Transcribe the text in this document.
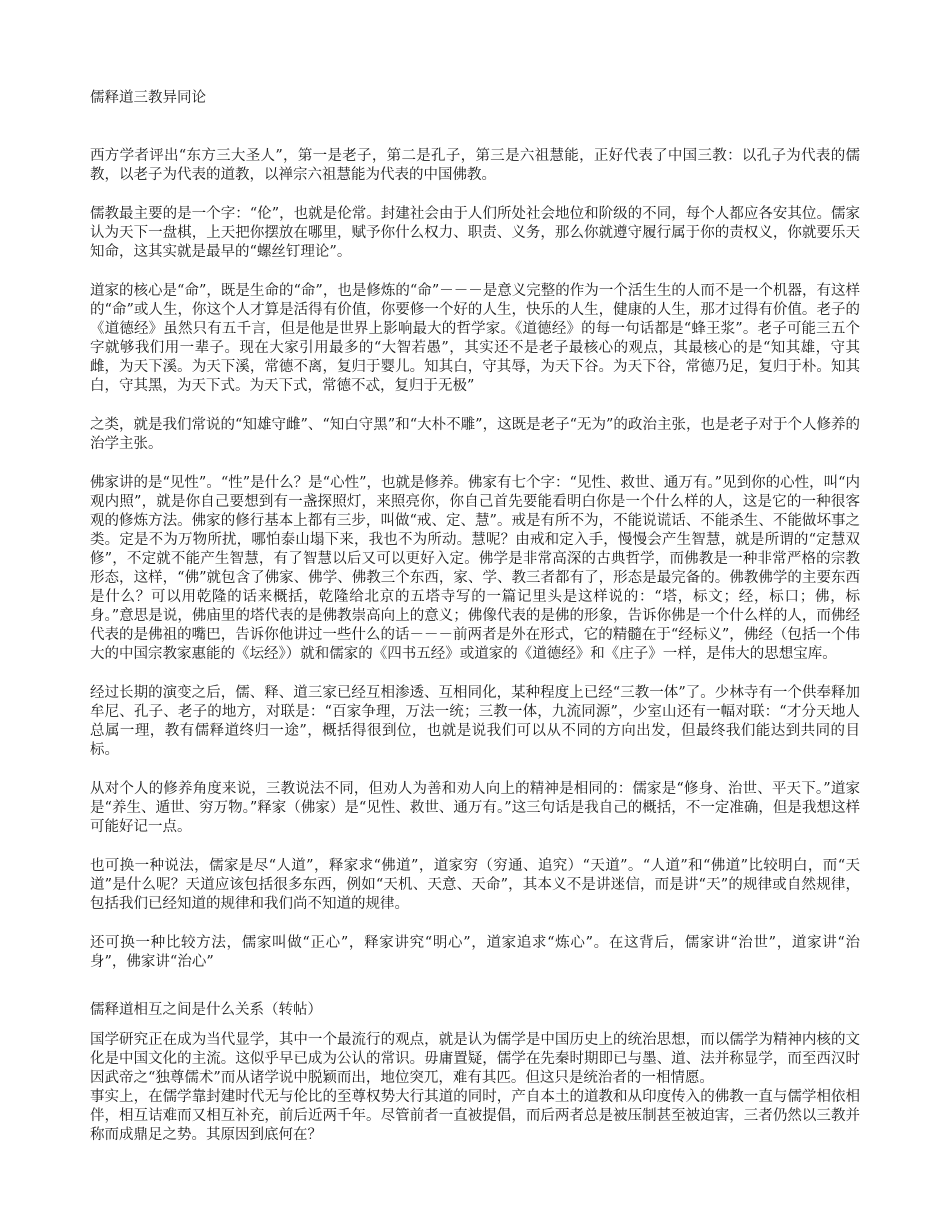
儒释道三教异同论

西方学者评出“东方三大圣人”，第一是老子，第二是孔子，第三是六祖慧能，正好代表了中国三教：以孔子为代表的儒教，以老子为代表的道教，以禅宗六祖慧能为代表的中国佛教。

儒教最主要的是一个字：“伦”，也就是伦常。封建社会由于人们所处社会地位和阶级的不同，每个人都应各安其位。儒家认为天下一盘棋，上天把你摆放在哪里，赋予你什么权力、职责、义务，那么你就遵守履行属于你的责权义，你就要乐天知命，这其实就是最早的“螺丝钉理论”。

道家的核心是“命”，既是生命的“命”，也是修炼的“命”－－－是意义完整的作为一个活生生的人而不是一个机器，有这样的“命”或人生，你这个人才算是活得有价值，你要修一个好的人生，快乐的人生，健康的人生，那才过得有价值。老子的《道德经》虽然只有五千言，但是他是世界上影响最大的哲学家。《道德经》的每一句话都是“蜂王浆”。老子可能三五个字就够我们用一辈子。现在大家引用最多的“大智若愚”，其实还不是老子最核心的观点，其最核心的是“知其雄，守其雌，为天下溪。为天下溪，常德不离，复归于婴儿。知其白，守其辱，为天下谷。为天下谷，常德乃足，复归于朴。知其白，守其黑，为天下式。为天下式，常德不忒，复归于无极”

之类，就是我们常说的“知雄守雌”、“知白守黑”和“大朴不雕”，这既是老子“无为”的政治主张，也是老子对于个人修养的治学主张。

佛家讲的是“见性”。“性”是什么？是“心性”，也就是修养。佛家有七个字：“见性、救世、通万有。”见到你的心性，叫“内观内照”，就是你自己要想到有一盏探照灯，来照亮你，你自己首先要能看明白你是一个什么样的人，这是它的一种很客观的修炼方法。佛家的修行基本上都有三步，叫做“戒、定、慧”。戒是有所不为，不能说谎话、不能杀生、不能做坏事之类。定是不为万物所扰，哪怕泰山塌下来，我也不为所动。慧呢？由戒和定入手，慢慢会产生智慧，就是所谓的“定慧双修”，不定就不能产生智慧，有了智慧以后又可以更好入定。佛学是非常高深的古典哲学，而佛教是一种非常严格的宗教形态，这样，“佛”就包含了佛家、佛学、佛教三个东西，家、学、教三者都有了，形态是最完备的。佛教佛学的主要东西是什么？可以用乾隆的话来概括，乾隆给北京的五塔寺写的一篇记里头是这样说的：“塔，标文；经，标口；佛，标身。”意思是说，佛庙里的塔代表的是佛教崇高向上的意义；佛像代表的是佛的形象，告诉你佛是一个什么样的人，而佛经代表的是佛祖的嘴巴，告诉你他讲过一些什么的话－－－前两者是外在形式，它的精髓在于“经标义”，佛经（包括一个伟大的中国宗教家惠能的《坛经》）就和儒家的《四书五经》或道家的《道德经》和《庄子》一样，是伟大的思想宝库。

经过长期的演变之后，儒、释、道三家已经互相渗透、互相同化，某种程度上已经“三教一体”了。少林寺有一个供奉释加牟尼、孔子、老子的地方，对联是：“百家争理，万法一统；三教一体，九流同源”，少室山还有一幅对联：“才分天地人总属一理，教有儒释道终归一途”，概括得很到位，也就是说我们可以从不同的方向出发，但最终我们能达到共同的目标。

从对个人的修养角度来说，三教说法不同，但劝人为善和劝人向上的精神是相同的：儒家是“修身、治世、平天下。”道家是“养生、遁世、穷万物。”释家（佛家）是“见性、救世、通万有。”这三句话是我自己的概括，不一定准确，但是我想这样可能好记一点。

也可换一种说法，儒家是尽“人道”，释家求“佛道”，道家穷（穷通、追究）“天道”。“人道”和“佛道”比较明白，而“天道”是什么呢？天道应该包括很多东西，例如“天机、天意、天命”，其本义不是讲迷信，而是讲“天”的规律或自然规律，包括我们已经知道的规律和我们尚不知道的规律。

还可换一种比较方法，儒家叫做“正心”，释家讲究“明心”，道家追求“炼心”。在这背后，儒家讲“治世”，道家讲“治身”，佛家讲“治心”

儒释道相互之间是什么关系（转帖）

国学研究正在成为当代显学，其中一个最流行的观点，就是认为儒学是中国历史上的统治思想，而以儒学为精神内核的文化是中国文化的主流。这似乎早已成为公认的常识。毋庸置疑，儒学在先秦时期即已与墨、道、法并称显学，而至西汉时因武帝之“独尊儒术”而从诸学说中脱颖而出，地位突兀，难有其匹。但这只是统治者的一相情愿。

事实上，在儒学靠封建时代无与伦比的至尊权势大行其道的同时，产自本土的道教和从印度传入的佛教一直与儒学相依相伴，相互诘难而又相互补充，前后近两千年。尽管前者一直被提倡，而后两者总是被压制甚至被迫害，三者仍然以三教并称而成鼎足之势。其原因到底何在？
